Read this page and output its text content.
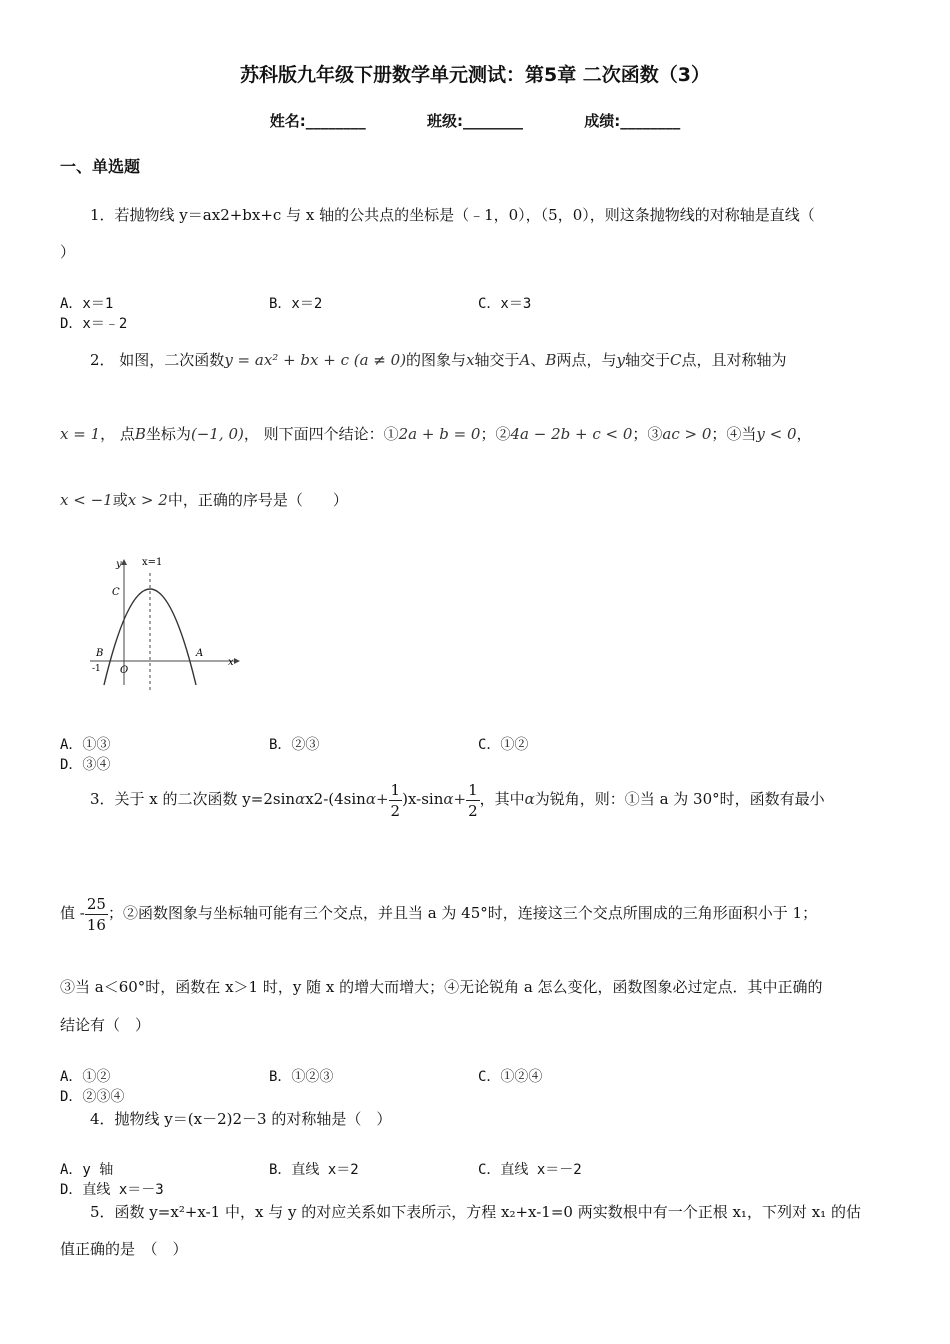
苏科版九年级下册数学单元测试：第5章 二次函数（3）
姓名:________	班级:________	成绩:________
一、单选题
1．若抛物线 y＝ax2+bx+c 与 x 轴的公共点的坐标是（﹣1，0），（5，0），则这条抛物线的对称轴是直线（
）
A．x＝1	B．x＝2	C．x＝3D．x＝﹣2
2． 如图，二次函数y = ax² + bx + c (a ≠ 0)的图象与x轴交于A、B两点，与y轴交于C点，且对称轴为
x = 1， 点B坐标为(−1, 0)， 则下面四个结论：①2a + b = 0；②4a − 2b + c < 0；③ac > 0；④当y < 0，
x < −1或x > 2中，正确的序号是（　　）
y x=1
C
B	A
x
O
-1
A．①③	B．②③	C．①②D．③④
3．关于 x 的二次函数 $y=2\sin\alpha x2-(4\sin\alpha+ \frac{1}{2} )x-\sin\alpha+ \frac{1}{2}$ ，其中α为锐角，则：①当 a 为 30°时，函数有最小
值 - $\frac{25}{16}$ ；②函数图象与坐标轴可能有三个交点，并且当 a 为 45°时，连接这三个交点所围成的三角形面积小于 1；
③当 a＜60°时，函数在 x＞1 时，y 随 x 的增大而增大；④无论锐角 a 怎么变化，函数图象必过定点．其中正确的
结论有（　）
A．①②	B．①②③	C．①②④D．②③④
4．抛物线 y＝(x－2)2－3 的对称轴是（　）
A．y 轴	B．直线 x＝2	C．直线 x＝－2D．直线 x＝－3
5．函数 y=x²+x-1 中，x 与 y 的对应关系如下表所示，方程 x₂+x-1=0 两实数根中有一个正根 x₁，下列对 x₁ 的估
值正确的是　（　）
